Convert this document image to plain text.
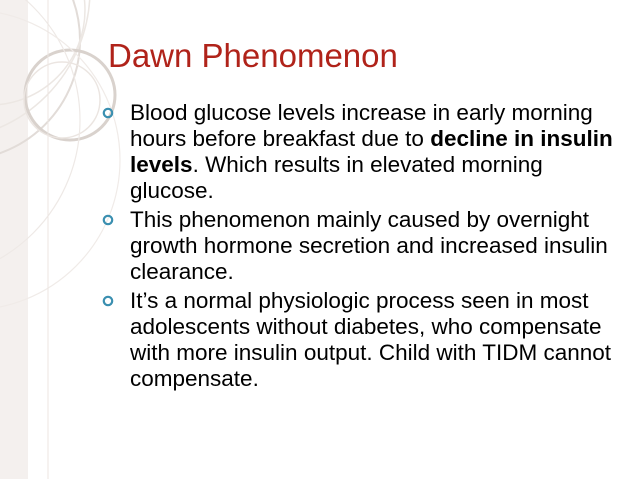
Dawn Phenomenon
Blood glucose levels increase in early morning hours before breakfast due to decline in insulin levels. Which results in elevated morning glucose.
This phenomenon mainly caused by overnight growth hormone secretion and increased insulin clearance.
It’s a normal physiologic process seen in most adolescents without diabetes, who compensate with more insulin output. Child with TIDM cannot compensate.
